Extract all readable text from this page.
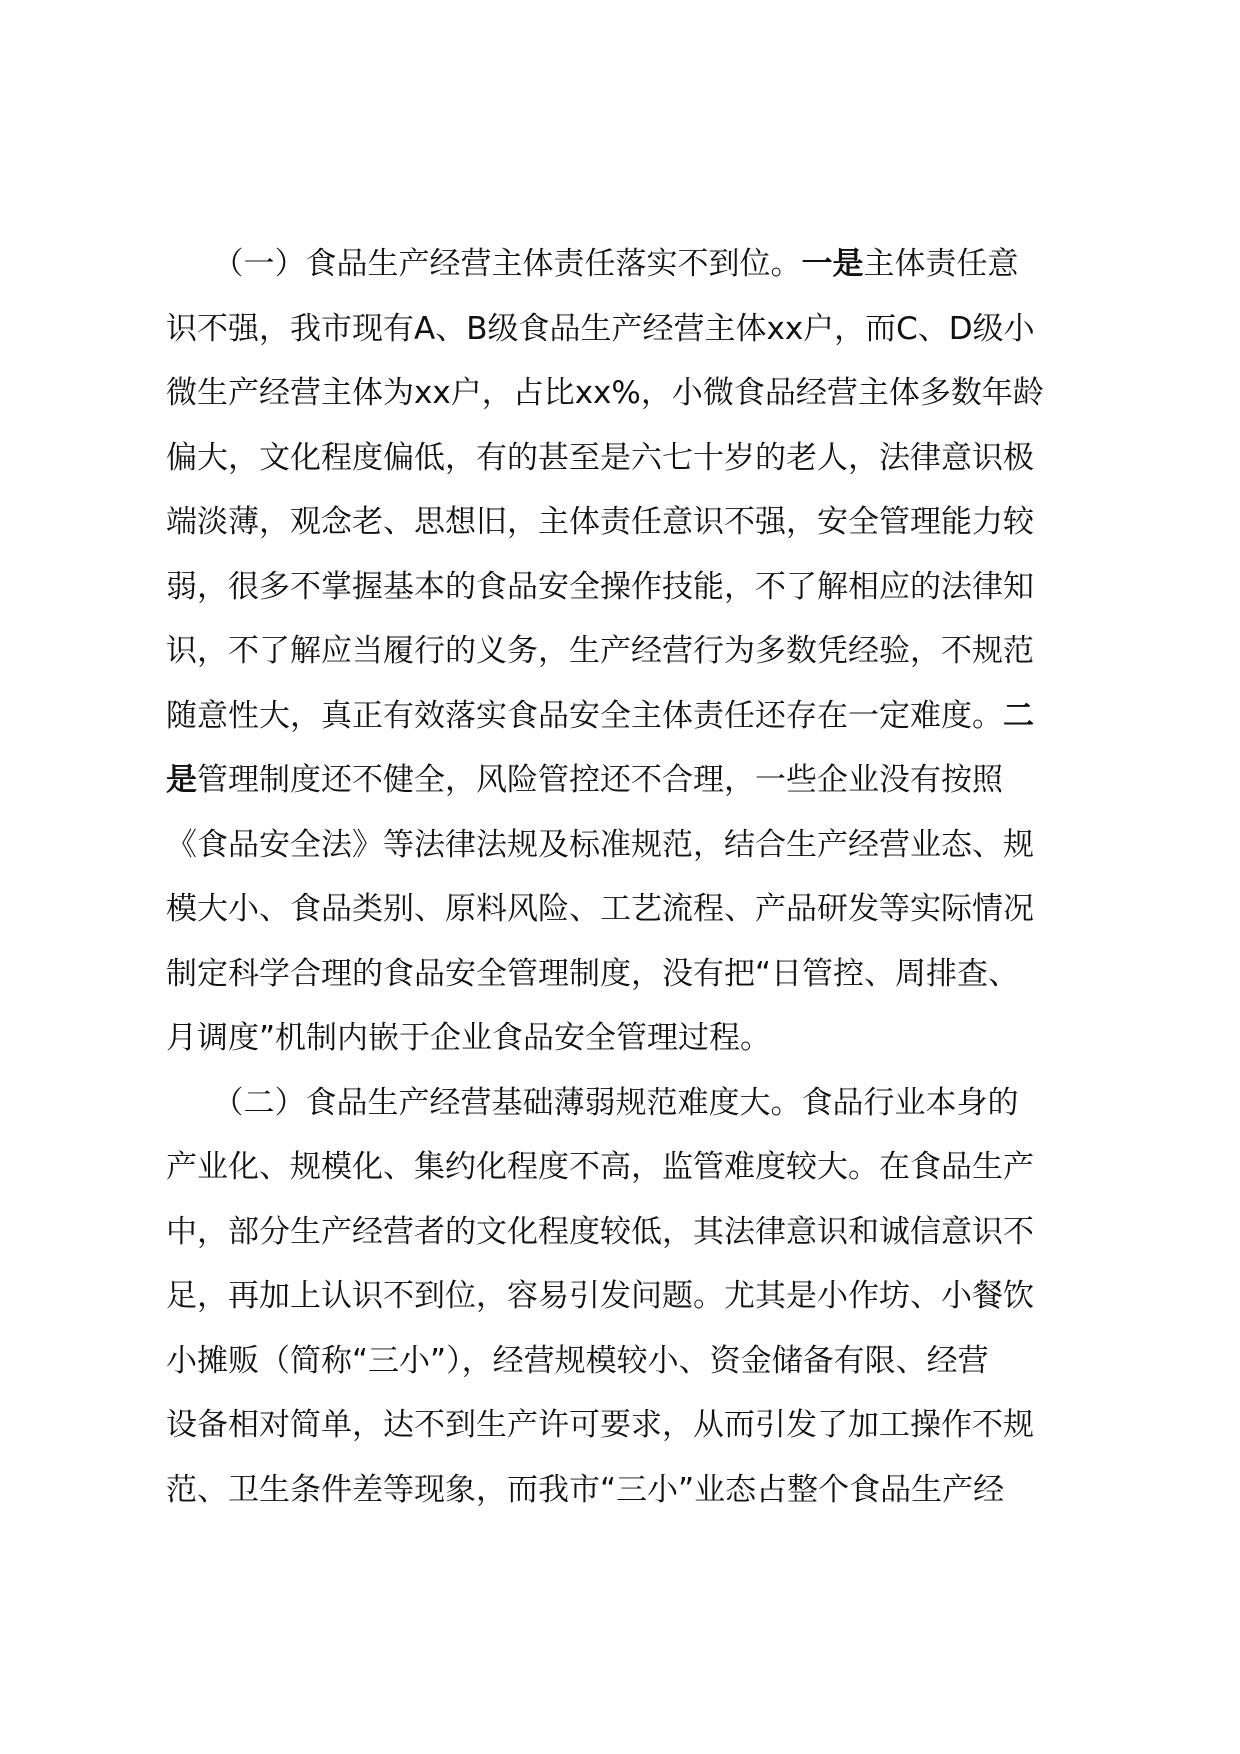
　　（一）食品生产经营主体责任落实不到位。一是主体责任意
识不强，我市现有A、B级食品生产经营主体xx户，而C、D级小
微生产经营主体为xx户，占比xx%，小微食品经营主体多数年龄
偏大，文化程度偏低，有的甚至是六七十岁的老人，法律意识极
端淡薄，观念老、思想旧，主体责任意识不强，安全管理能力较
弱，很多不掌握基本的食品安全操作技能，不了解相应的法律知
识，不了解应当履行的义务，生产经营行为多数凭经验，不规范
随意性大，真正有效落实食品安全主体责任还存在一定难度。二
是管理制度还不健全，风险管控还不合理，一些企业没有按照
《食品安全法》等法律法规及标准规范，结合生产经营业态、规
模大小、食品类别、原料风险、工艺流程、产品研发等实际情况
制定科学合理的食品安全管理制度，没有把“日管控、周排查、
月调度”机制内嵌于企业食品安全管理过程。
　　（二）食品生产经营基础薄弱规范难度大。食品行业本身的
产业化、规模化、集约化程度不高，监管难度较大。在食品生产
中，部分生产经营者的文化程度较低，其法律意识和诚信意识不
足，再加上认识不到位，容易引发问题。尤其是小作坊、小餐饮
小摊贩（简称“三小”），经营规模较小、资金储备有限、经营
设备相对简单，达不到生产许可要求，从而引发了加工操作不规
范、卫生条件差等现象，而我市“三小”业态占整个食品生产经
